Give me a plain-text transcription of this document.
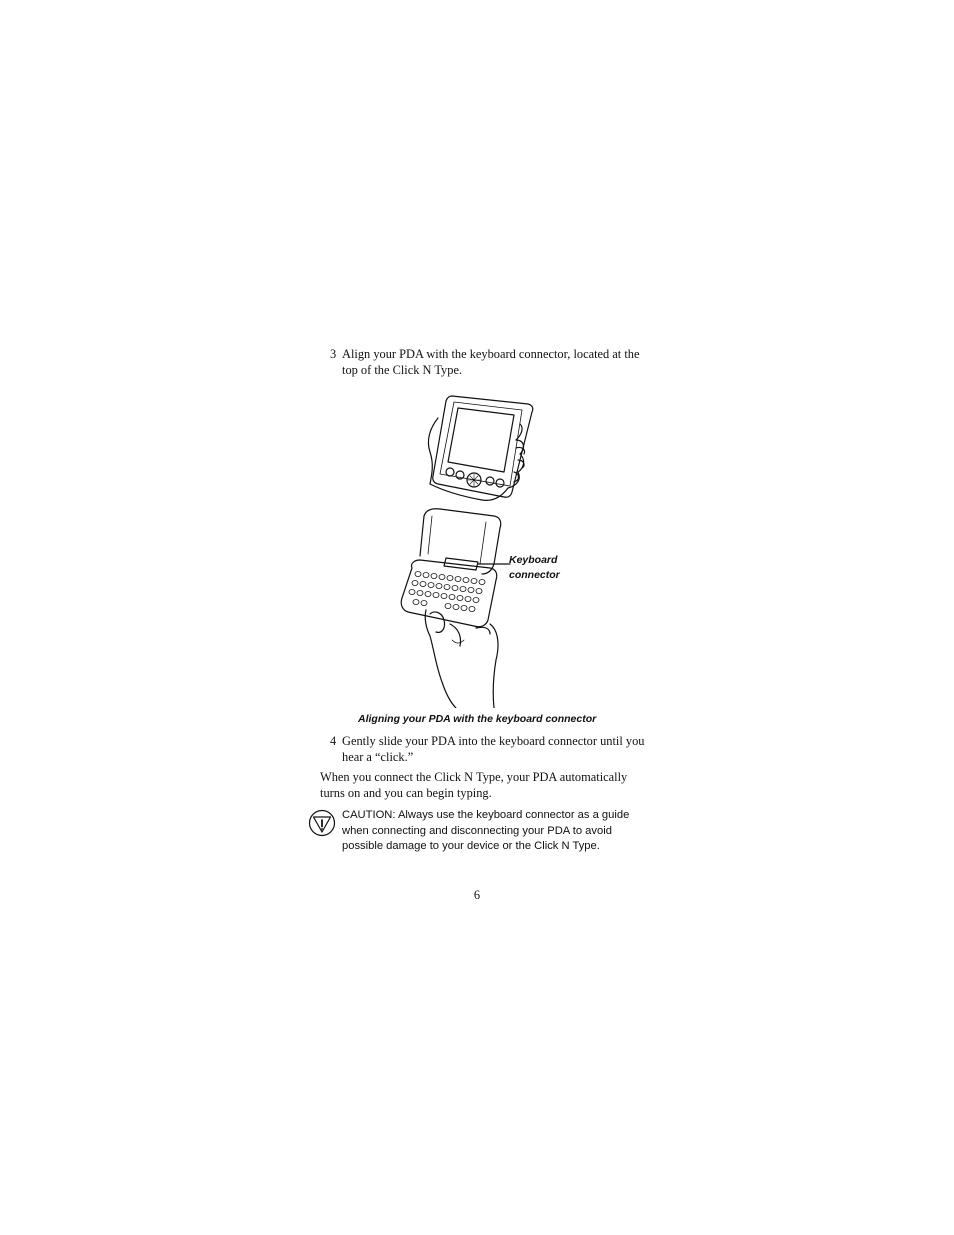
3 Align your PDA with the keyboard connector, located at the top of the Click N Type.
Keyboard
connector
Aligning your PDA with the keyboard connector
4 Gently slide your PDA into the keyboard connector until you hear a “click.”
When you connect the Click N Type, your PDA automatically turns on and you can begin typing.
CAUTION: Always use the keyboard connector as a guide when connecting and disconnecting your PDA to avoid possible damage to your device or the Click N Type.
6
